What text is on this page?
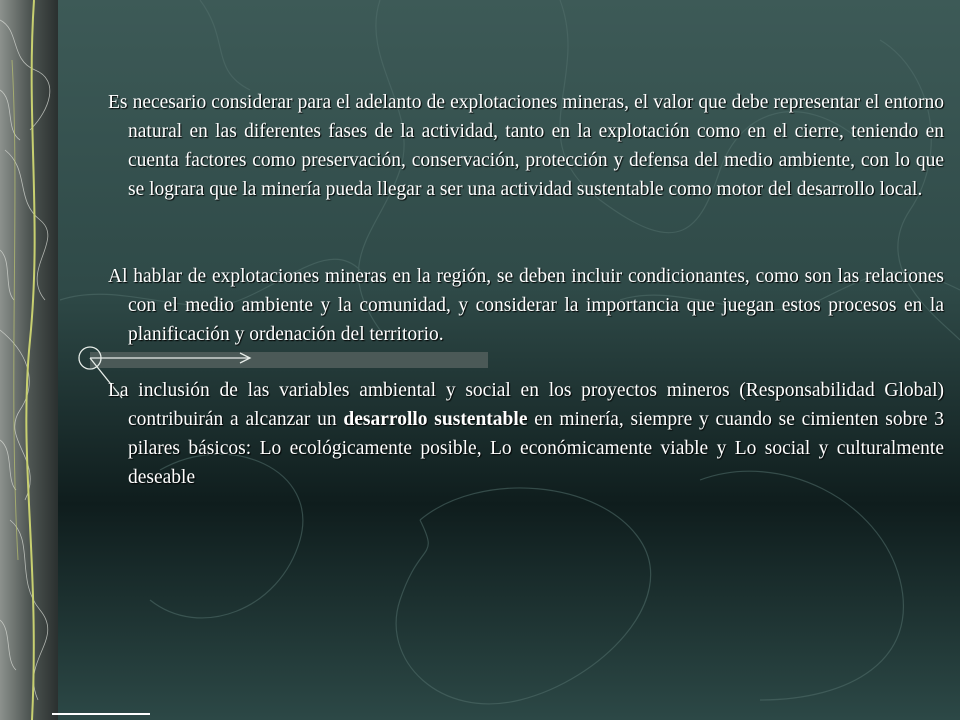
Es necesario considerar para el adelanto de explotaciones mineras, el valor que debe representar el entorno natural en las diferentes fases de la actividad, tanto en la explotación como en el cierre, teniendo en cuenta factores como preservación, conservación, protección y defensa del medio ambiente, con lo que se lograra que la minería pueda llegar a ser una actividad sustentable como motor del desarrollo local.

Al hablar de explotaciones mineras en la región, se deben incluir condicionantes, como son las relaciones con el medio ambiente y la comunidad, y considerar la importancia que juegan estos procesos en la planificación y ordenación del territorio.

La inclusión de las variables ambiental y social en los proyectos mineros (Responsabilidad Global) contribuirán a alcanzar un desarrollo sustentable en minería, siempre y cuando se cimienten sobre 3 pilares básicos: Lo ecológicamente posible, Lo económicamente viable y Lo social y culturalmente deseable
